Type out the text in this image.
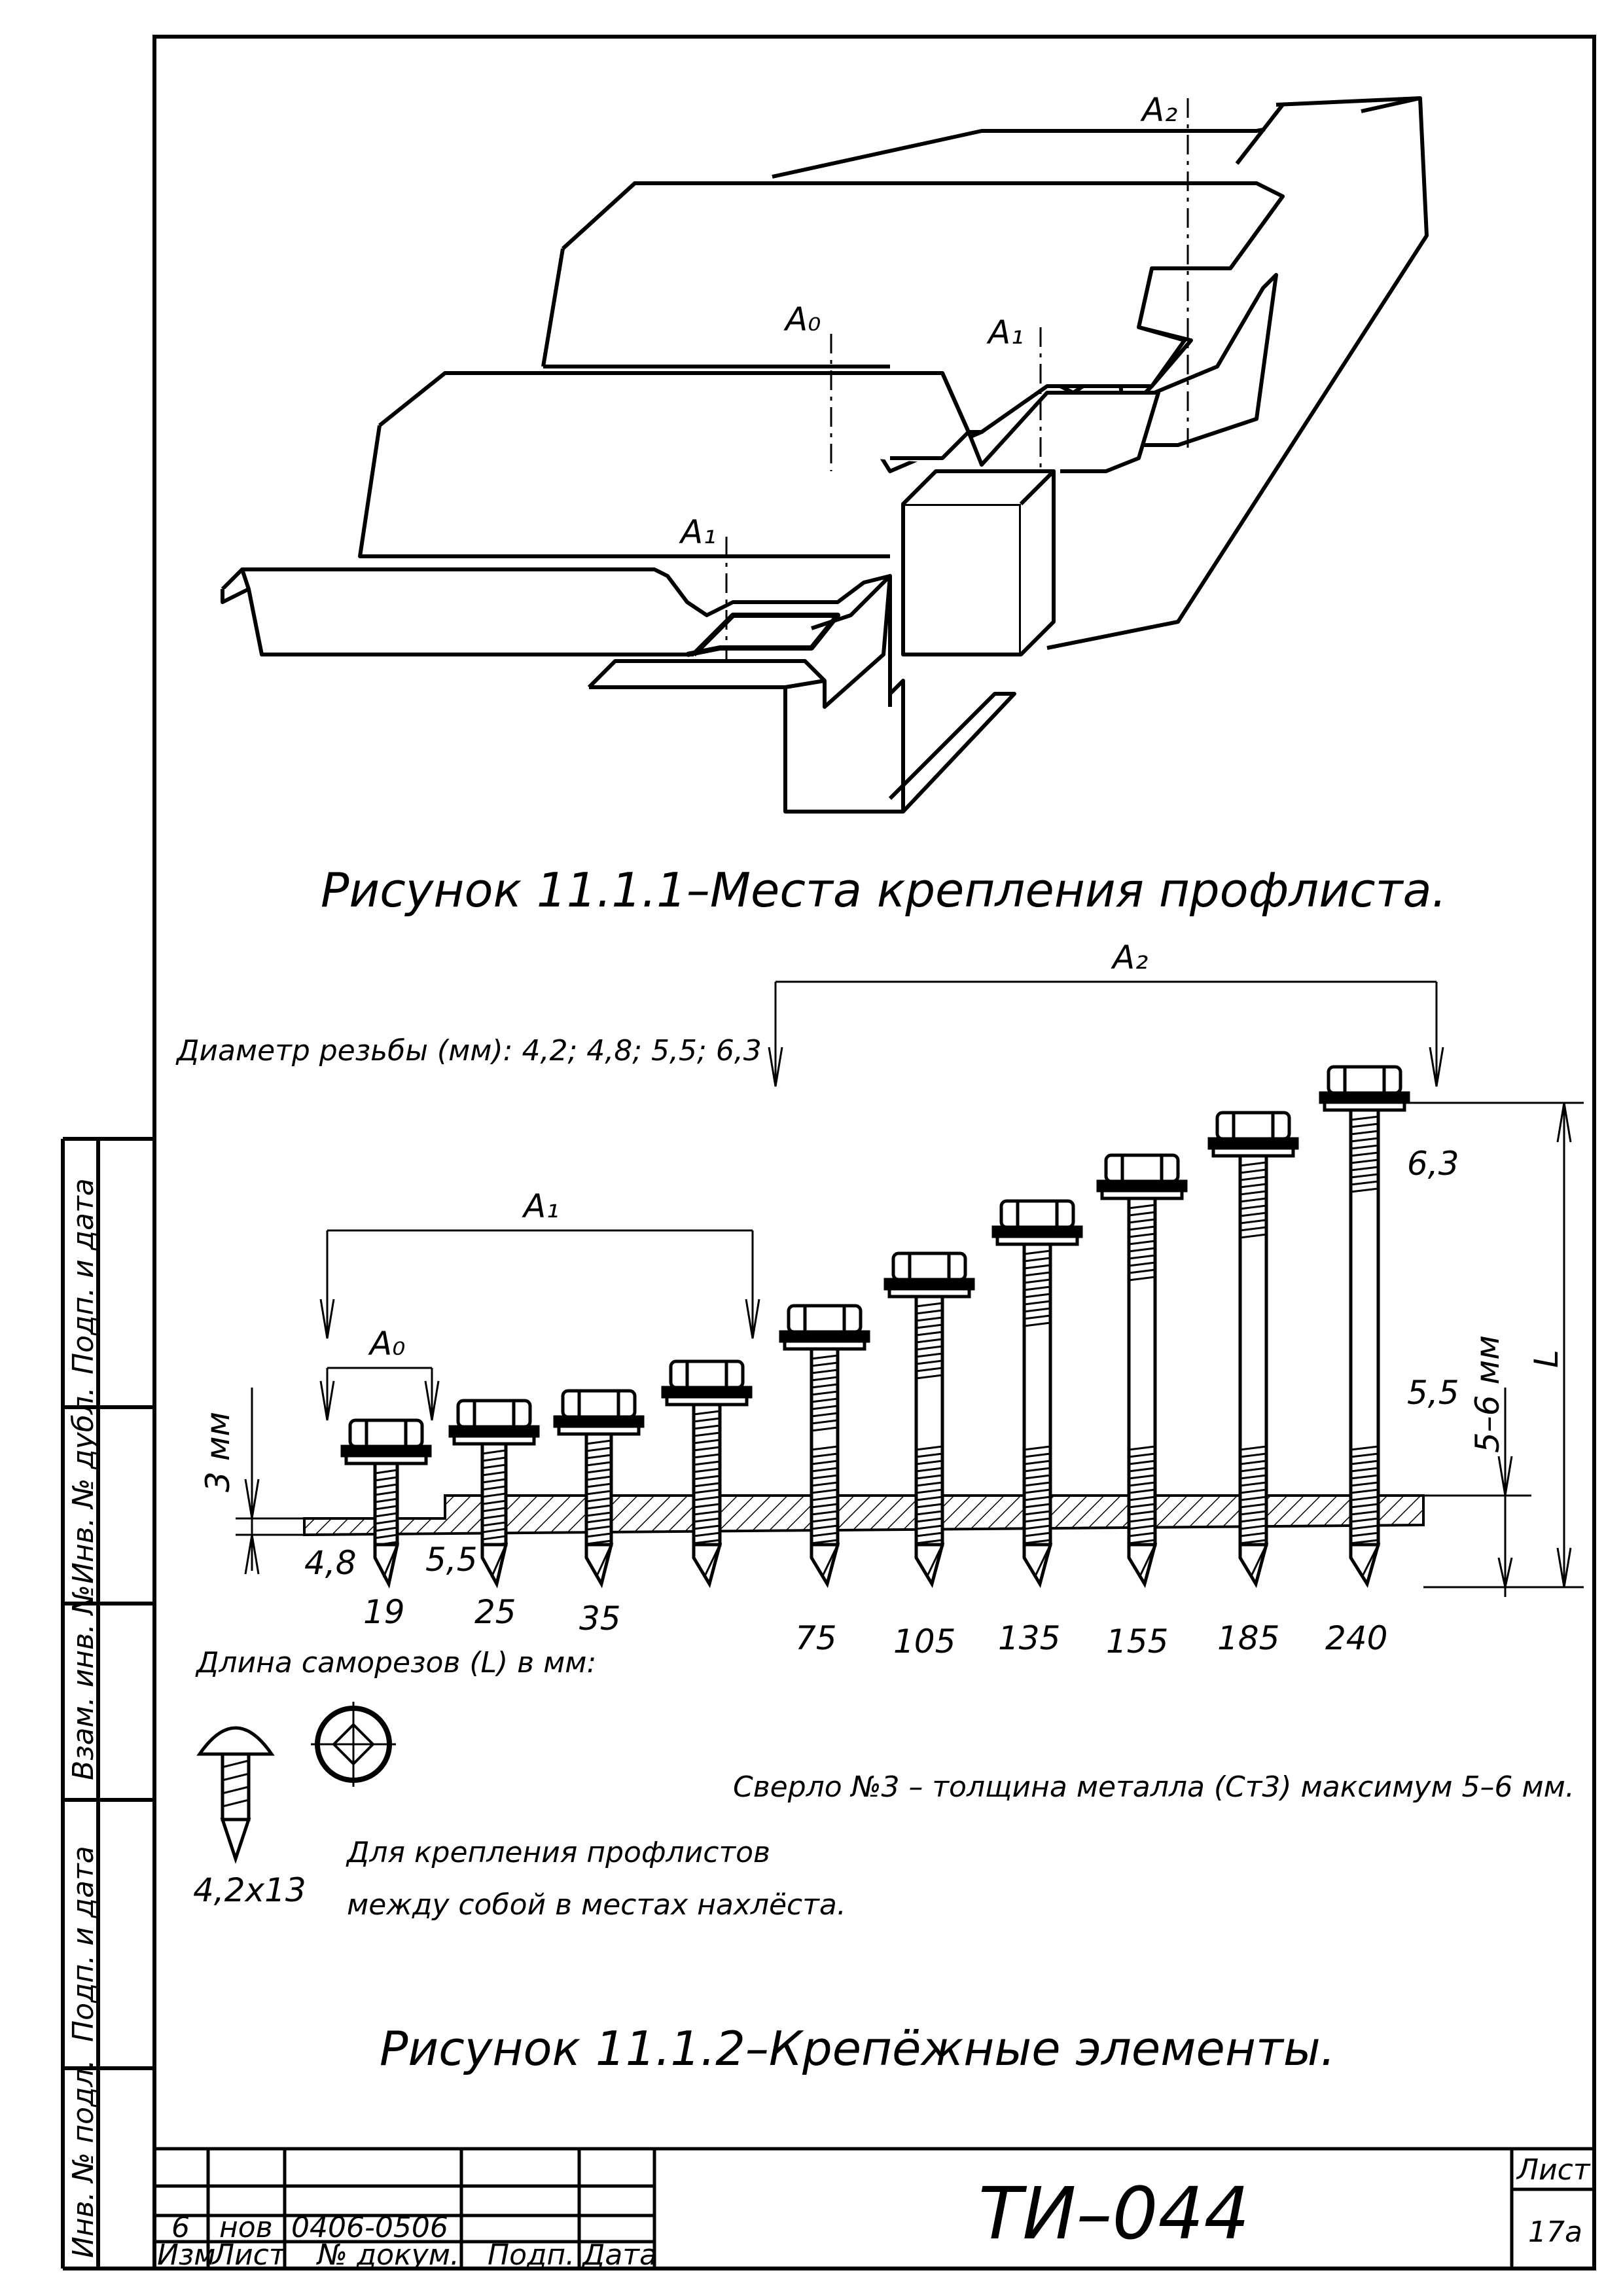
A₂
A₀	A₁
A₁
Рисунок 11.1.1–Места крепления профлиста.
Диаметр резьбы (мм): 4,2; 4,8; 5,5; 6,3
A₂
A₁
A₀
3 мм	5–6 мм L
4,8 5,5
5,5
6,3
19 25 35
75 105 135 155 185 240
Длина саморезов (L) в мм:
4,2х13
Сверло №3 – толщина металла (Ст3) максимум 5–6 мм.
Для крепления профлистов
между собой в местах нахлёста.
Рисунок 11.1.2–Крепёжные элементы.
Подп. и дата
Инв. № дубл.
Взам. инв. №
Подп. и дата
Инв. № подл. 6 нов 0406-0506
Изм
Лист № докум. Подп. Дата	ТИ–044
Лист
17а
